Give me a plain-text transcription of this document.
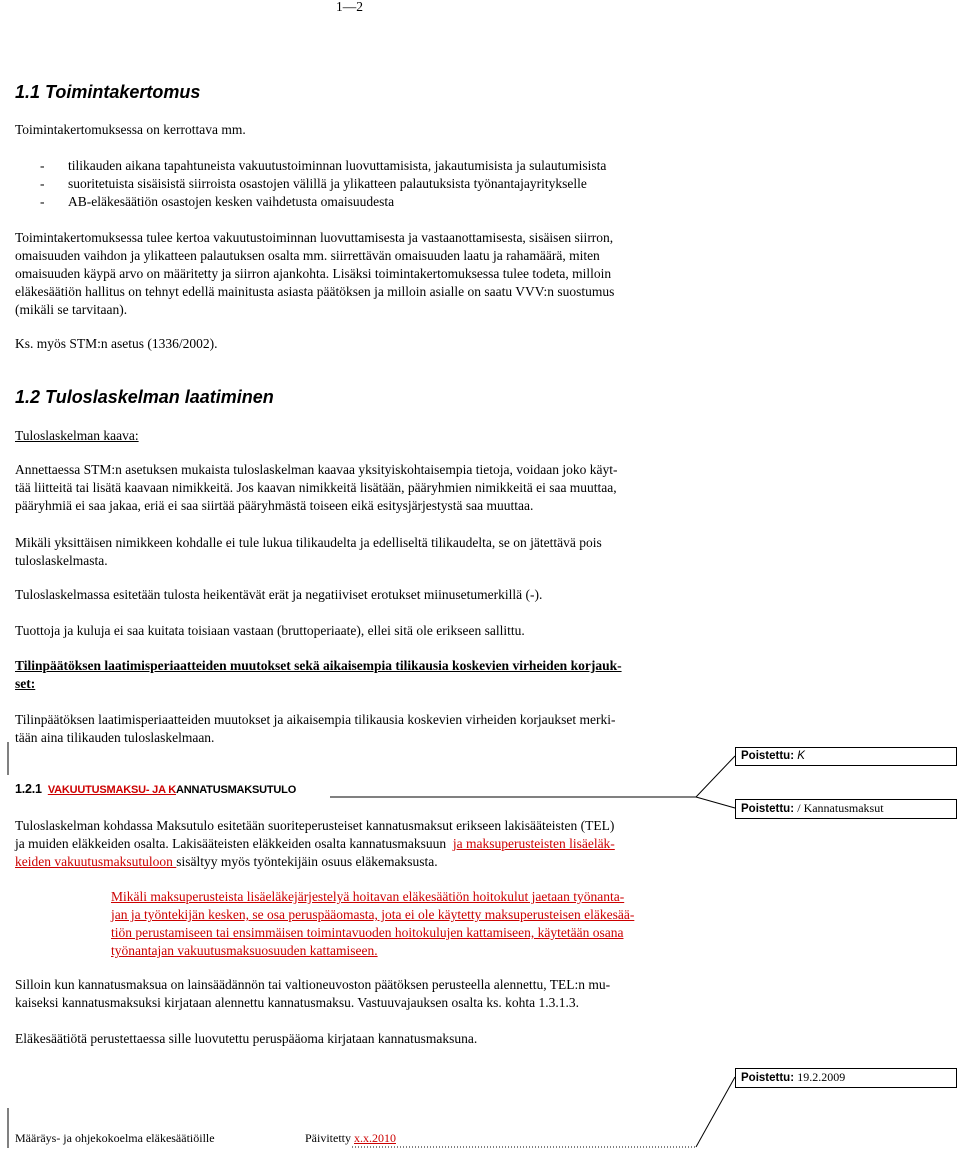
1—2
1.1 Toimintakertomus
Toimintakertomuksessa on kerrottava mm.
- tilikauden aikana tapahtuneista vakuutustoiminnan luovuttamisista, jakautumisista ja sulautumisista
- suoritetuista sisäisistä siirroista osastojen välillä ja ylikatteen palautuksista työnantajayritykselle
- AB-eläkesäätiön osastojen kesken vaihdetusta omaisuudesta
Toimintakertomuksessa tulee kertoa vakuutustoiminnan luovuttamisesta ja vastaanottamisesta, sisäisen siirron,
omaisuuden vaihdon ja ylikatteen palautuksen osalta mm. siirrettävän omaisuuden laatu ja rahamäärä, miten
omaisuuden käypä arvo on määritetty ja siirron ajankohta. Lisäksi toimintakertomuksessa tulee todeta, milloin
eläkesäätiön hallitus on tehnyt edellä mainitusta asiasta päätöksen ja milloin asialle on saatu VVV:n suostumus
(mikäli se tarvitaan).
Ks. myös STM:n asetus (1336/2002).
1.2 Tuloslaskelman laatiminen
Tuloslaskelman kaava:
Annettaessa STM:n asetuksen mukaista tuloslaskelman kaavaa yksityiskohtaisempia tietoja, voidaan joko käyt-
tää liitteitä tai lisätä kaavaan nimikkeitä. Jos kaavan nimikkeitä lisätään, pääryhmien nimikkeitä ei saa muuttaa,
pääryhmiä ei saa jakaa, eriä ei saa siirtää pääryhmästä toiseen eikä esitysjärjestystä saa muuttaa.
Mikäli yksittäisen nimikkeen kohdalle ei tule lukua tilikaudelta ja edelliseltä tilikaudelta, se on jätettävä pois
tuloslaskelmasta.
Tuloslaskelmassa esitetään tulosta heikentävät erät ja negatiiviset erotukset miinusetumerkillä (-).
Tuottoja ja kuluja ei saa kuitata toisiaan vastaan (bruttoperiaate), ellei sitä ole erikseen sallittu.
Tilinpäätöksen laatimisperiaatteiden muutokset sekä aikaisempia tilikausia koskevien virheiden korjauk-
set:
Tilinpäätöksen laatimisperiaatteiden muutokset ja aikaisempia tilikausia koskevien virheiden korjaukset merki-
tään aina tilikauden tuloslaskelmaan.
1.2.1 VAKUUTUSMAKSU- JA KANNATUSMAKSUTULO
Tuloslaskelman kohdassa Maksutulo esitetään suoriteperusteiset kannatusmaksut erikseen lakisääteisten (TEL)
ja muiden eläkkeiden osalta. Lakisääteisten eläkkeiden osalta kannatusmaksuun ja maksuperusteisten lisäeläk-
keiden vakuutusmaksutuloon sisältyy myös työntekijäin osuus eläkemaksusta.
Mikäli maksuperusteista lisäeläkejärjestelyä hoitavan eläkesäätiön hoitokulut jaetaan työnanta-
jan ja työntekijän kesken, se osa peruspääomasta, jota ei ole käytetty maksuperusteisen eläkesää-
tiön perustamiseen tai ensimmäisen toimintavuoden hoitokulujen kattamiseen, käytetään osana
työnantajan vakuutusmaksuosuuden kattamiseen.
Silloin kun kannatusmaksua on lainsäädännön tai valtioneuvoston päätöksen perusteella alennettu, TEL:n mu-
kaiseksi kannatusmaksuksi kirjataan alennettu kannatusmaksu. Vastuuvajauksen osalta ks. kohta 1.3.1.3.
Eläkesäätiötä perustettaessa sille luovutettu peruspääoma kirjataan kannatusmaksuna.
Poistettu: K
Poistettu: / Kannatusmaksut
Poistettu: 19.2.2009
Määräys- ja ohjekokoelma eläkesäätiöille	Päivitetty x.x.2010
